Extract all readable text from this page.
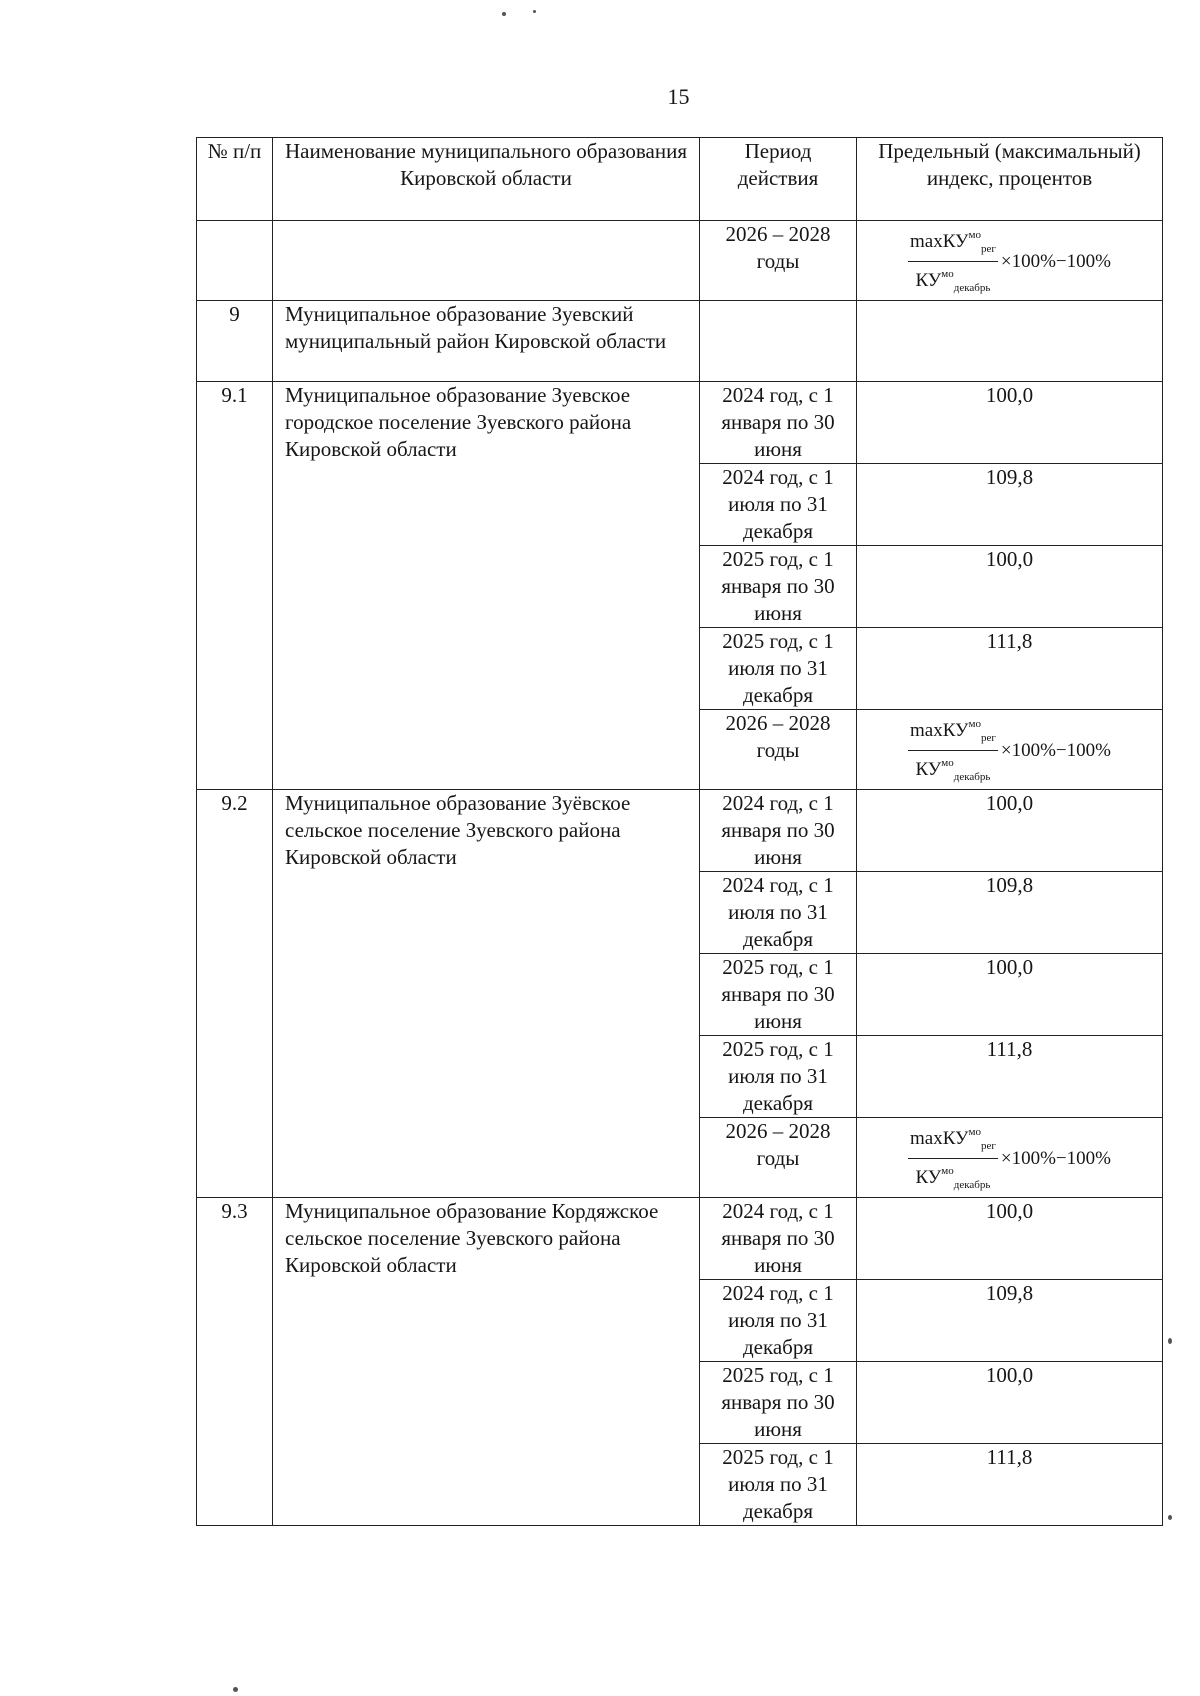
15
№ п/п	Наименование муниципального образования Кировской области	Период действия	Предельный (максимальный) индекс, процентов
		2026 – 2028 годы	$\frac{\max КУ^{мо}_{рег}}{КУ^{мо}_{декабрь}} \times 100\%-100\%$

9	Муниципальное образование Зуевский муниципальный район Кировской области		
9.1	Муниципальное образование Зуевское городское поселение Зуевского района Кировской области	2024 год, с 1 января по 30 июня	100,0
		2024 год, с 1 июля по 31 декабря	109,8
		2025 год, с 1 января по 30 июня	100,0
		2025 год, с 1 июля по 31 декабря	111,8
		2026 – 2028 годы	$\frac{\max КУ^{мо}_{рег}}{КУ^{мо}_{декабрь}} \times 100\%-100\%$

9.2	Муниципальное образование Зуёвское сельское поселение Зуевского района Кировской области	2024 год, с 1 января по 30 июня	100,0
		2024 год, с 1 июля по 31 декабря	109,8
		2025 год, с 1 января по 30 июня	100,0
		2025 год, с 1 июля по 31 декабря	111,8
		2026 – 2028 годы	$\frac{\max КУ^{мо}_{рег}}{КУ^{мо}_{декабрь}} \times 100\%-100\%$

9.3	Муниципальное образование Кордяжское сельское поселение Зуевского района Кировской области	2024 год, с 1 января по 30 июня	100,0
		2024 год, с 1 июля по 31 декабря	109,8
		2025 год, с 1 января по 30 июня	100,0
		2025 год, с 1 июля по 31 декабря	111,8
